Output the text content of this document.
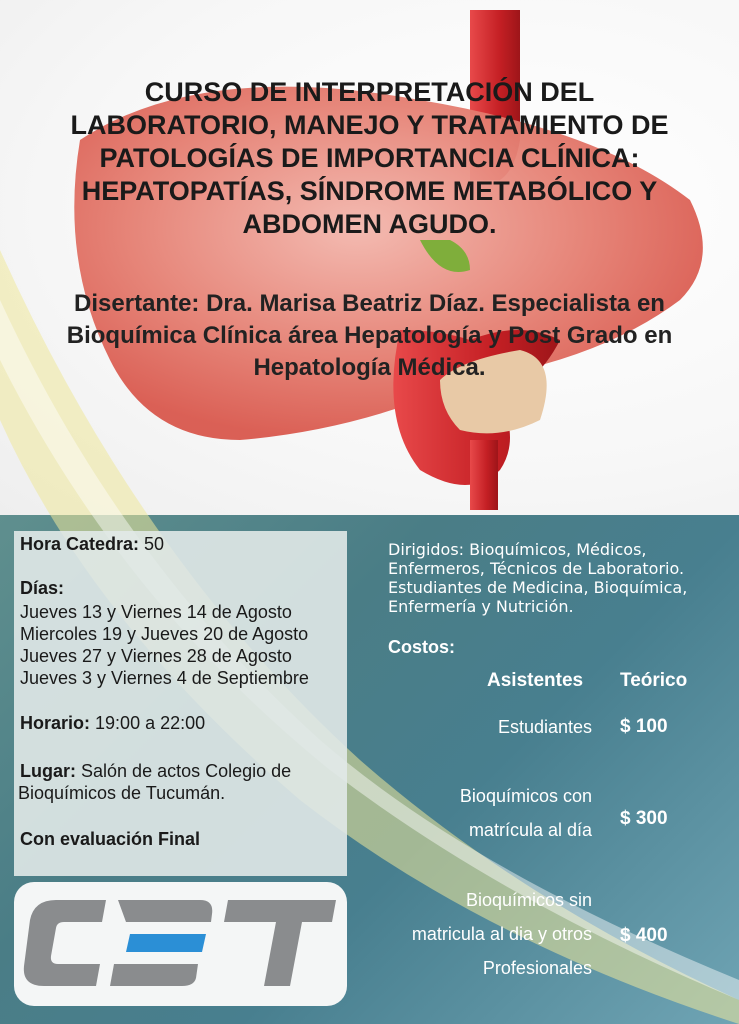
CURSO DE INTERPRETACIÓN DEL
LABORATORIO, MANEJO Y TRATAMIENTO DE
PATOLOGÍAS DE IMPORTANCIA CLÍNICA:
HEPATOPATÍAS, SÍNDROME METABÓLICO Y
ABDOMEN AGUDO.
Disertante: Dra. Marisa Beatriz Díaz. Especialista en
Bioquímica Clínica área Hepatología y Post Grado en
Hepatología Médica.
Hora Catedra: 50
Días:
Jueves 13 y Viernes 14 de Agosto
Miercoles 19 y Jueves 20 de Agosto
Jueves 27 y Viernes 28 de Agosto
Jueves 3 y Viernes 4 de Septiembre
Horario: 19:00 a 22:00
Lugar: Salón de actos Colegio de
Bioquímicos de Tucumán.
Con evaluación Final

Dirigidos: Bioquímicos, Médicos,

Enfermeros, Técnicos de Laboratorio.

Estudiantes de Medicina, Bioquímica,

Enfermería y Nutrición.

Costos:
Asistentes Teórico
Estudiantes $ 100
Bioquímicos con
matrícula al día
$ 300
Bioquímicos sin
matricula al dia y otros
Profesionales
$ 400
